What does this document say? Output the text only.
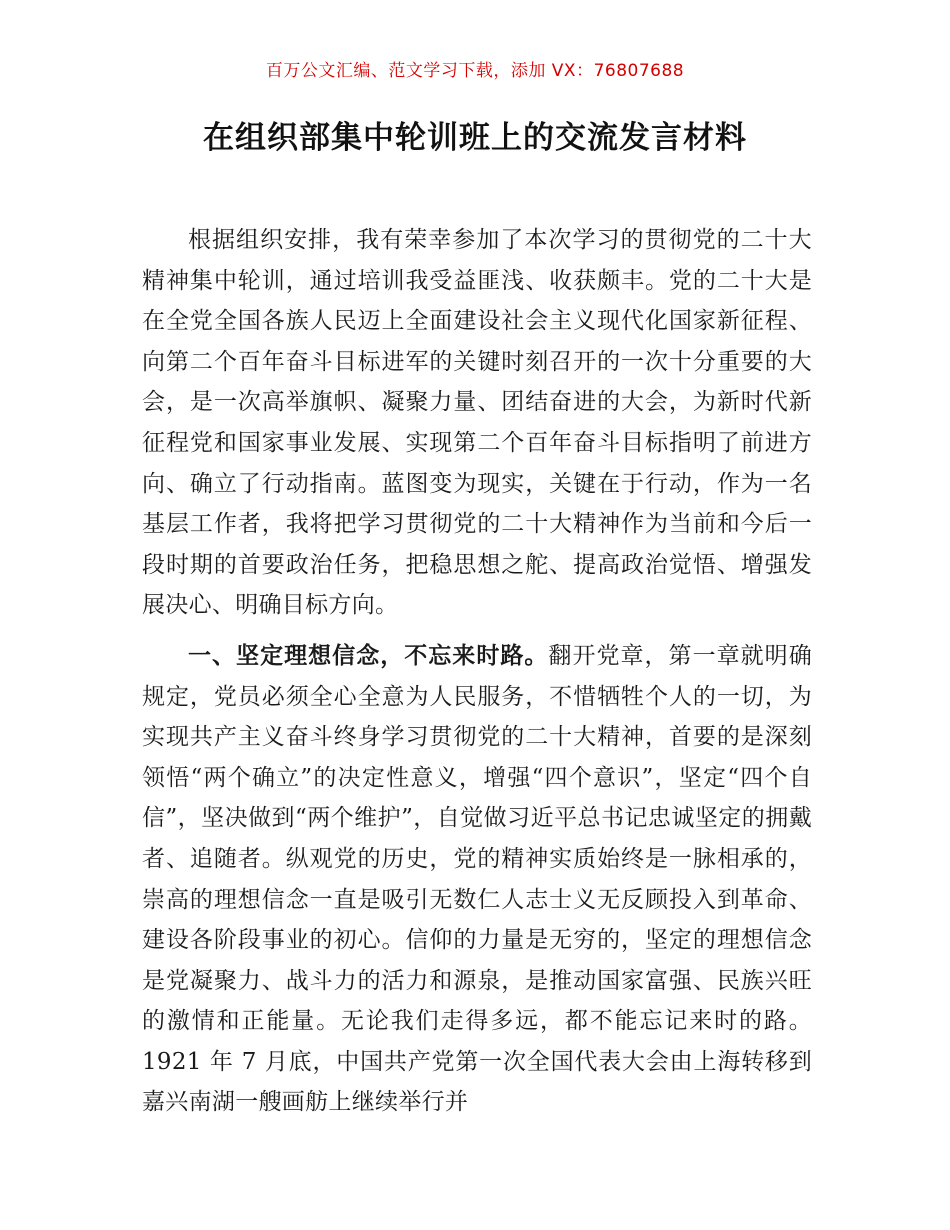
百万公文汇编、范文学习下载，添加 VX：76807688
在组织部集中轮训班上的交流发言材料

根据组织安排，我有荣幸参加了本次学习的贯彻党的二十大精神集中轮训，通过培训我受益匪浅、收获颇丰。党的二十大是在全党全国各族人民迈上全面建设社会主义现代化国家新征程、向第二个百年奋斗目标进军的关键时刻召开的一次十分重要的大会，是一次高举旗帜、凝聚力量、团结奋进的大会，为新时代新征程党和国家事业发展、实现第二个百年奋斗目标指明了前进方向、确立了行动指南。蓝图变为现实，关键在于行动，作为一名基层工作者，我将把学习贯彻党的二十大精神作为当前和今后一段时期的首要政治任务，把稳思想之舵、提高政治觉悟、增强发展决心、明确目标方向。

一、坚定理想信念，不忘来时路。翻开党章，第一章就明确规定，党员必须全心全意为人民服务，不惜牺牲个人的一切，为实现共产主义奋斗终身学习贯彻党的二十大精神，首要的是深刻领悟“两个确立”的决定性意义，增强“四个意识”，坚定“四个自信”，坚决做到“两个维护”，自觉做习近平总书记忠诚坚定的拥戴者、追随者。纵观党的历史，党的精神实质始终是一脉相承的，崇高的理想信念一直是吸引无数仁人志士义无反顾投入到革命、建设各阶段事业的初心。信仰的力量是无穷的，坚定的理想信念是党凝聚力、战斗力的活力和源泉，是推动国家富强、民族兴旺的激情和正能量。无论我们走得多远，都不能忘记来时的路。1921 年 7 月底，中国共产党第一次全国代表大会由上海转移到嘉兴南湖一艘画舫上继续举行并
